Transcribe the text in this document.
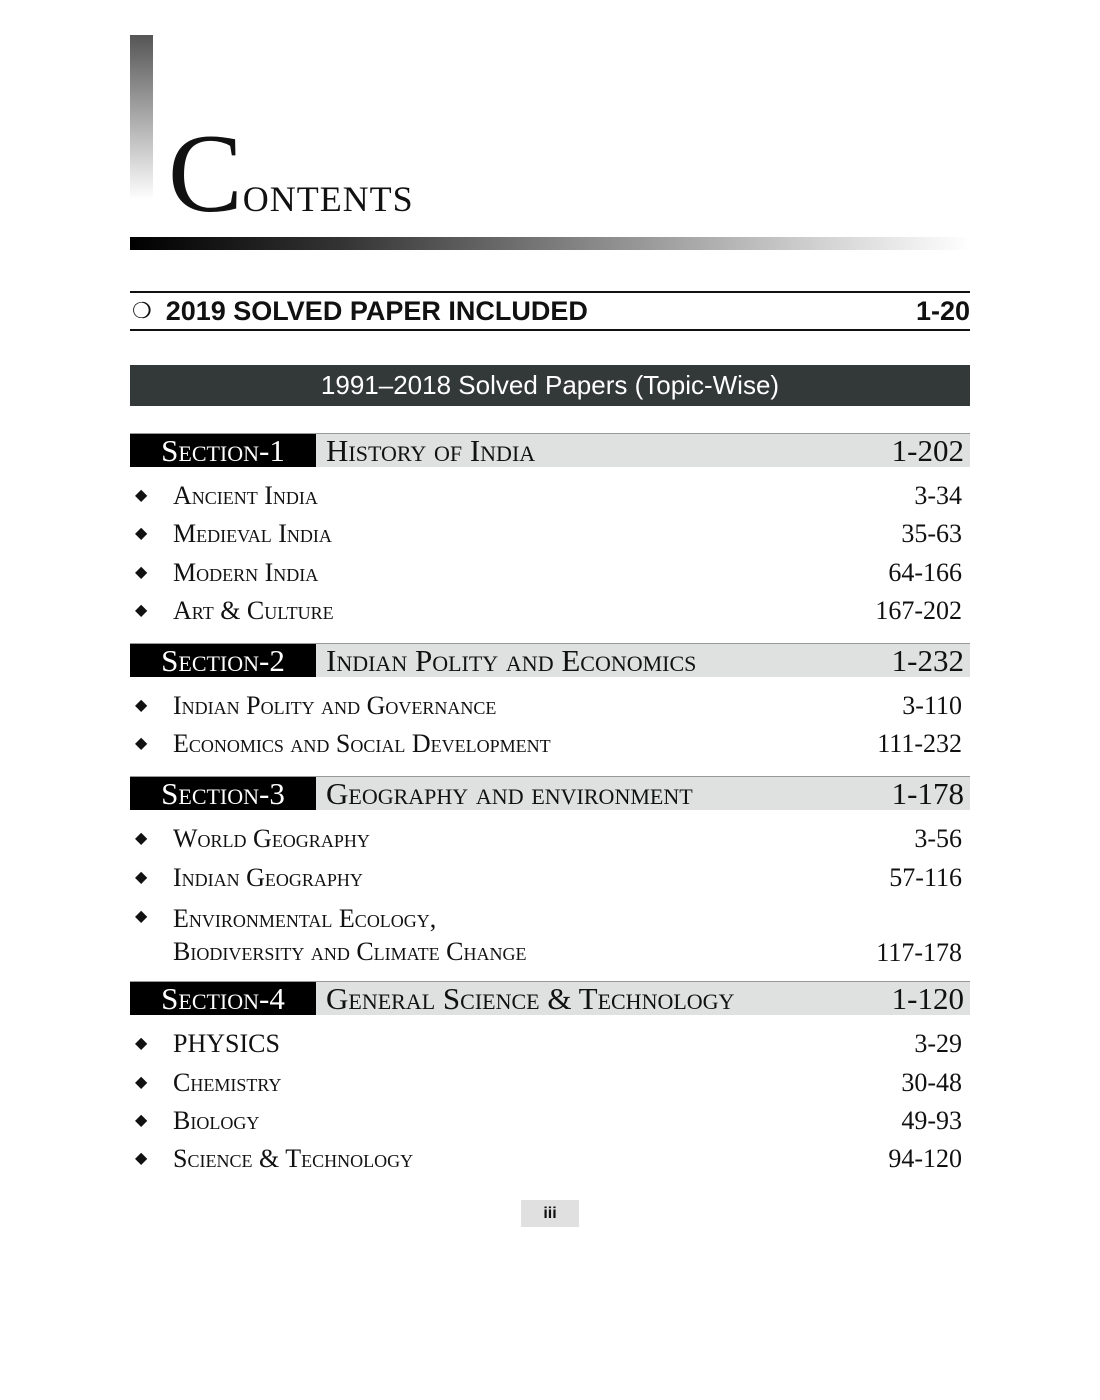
Contents
❍ 2019 SOLVED PAPER INCLUDED	1-20
1991–2018 Solved Papers (Topic-Wise)
Section-1	History of India	1-202
◆ Ancient India	3-34
◆ Medieval India	35-63
◆ Modern India	64-166
◆ Art & Culture	167-202
Section-2	Indian Polity and Economics	1-232
◆ Indian Polity and Governance	3-110
◆ Economics and Social Development	111-232
Section-3	Geography and environment	1-178
◆ World Geography	3-56
◆ Indian Geography	57-116
◆ Environmental Ecology,
Biodiversity and Climate Change	117-178
Section-4	General Science & Technology	1-120
◆ PHYSICS	3-29
◆ Chemistry	30-48
◆ Biology	49-93
◆ Science & Technology	94-120
iii
